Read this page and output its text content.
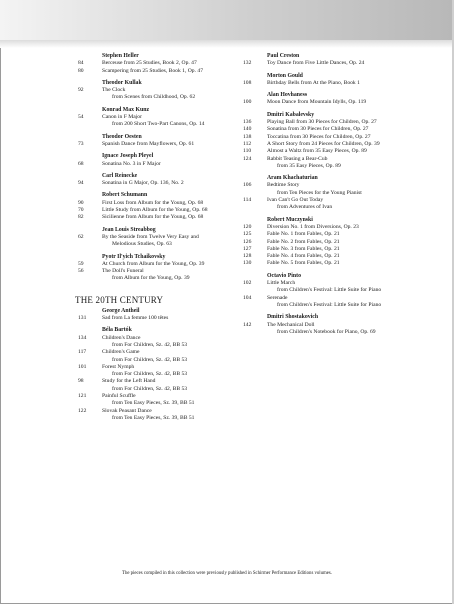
Stephen Heller
84	Berceuse from 25 Studies, Book 2, Op. 47
80	Scampering from 25 Studies, Book 1, Op. 47
Theodor Kullak
92	The Clock
from Scenes from Childhood, Op. 62
Konrad Max Kunz
54	Canon in F Major
from 200 Short Two-Part Canons, Op. 14
Theodor Oesten
73	Spanish Dance from Mayflowers, Op. 61
Ignace Joseph Pleyel
68	Sonatina No. 3 in F Major
Carl Reinecke
94	Sonatina in G Major, Op. 136, No. 2
Robert Schumann
90	First Loss from Album for the Young, Op. 68
70	Little Study from Album for the Young, Op. 68
82	Sicilienne from Album for the Young, Op. 68
Jean Louis Streabbog
62	By the Seaside from Twelve Very Easy and
Melodious Studies, Op. 63
Pyotr Il'yich Tchaikovsky
59	At Church from Album for the Young, Op. 39
56	The Doll's Funeral
from Album for the Young, Op. 39
THE 20TH CENTURY
George Antheil
131	Sad from La femme 100 têtes
Béla Bartók
134	Children's Dance
from For Children, Sz. 42, BB 53
117	Children's Game
from For Children, Sz. 42, BB 53
101	Forest Nymph
from For Children, Sz. 42, BB 53
98	Study for the Left Hand
from For Children, Sz. 42, BB 53
121	Painful Scuffle
from Ten Easy Pieces, Sz. 39, BB 51
122	Slovak Peasant Dance
from Ten Easy Pieces, Sz. 39, BB 51
Paul Creston
132	Toy Dance from Five Little Dances, Op. 24
Morton Gould
108	Birthday Bells from At the Piano, Book 1
Alan Hovhaness
100	Moon Dance from Mountain Idylls, Op. 119
Dmitri Kabalevsky
136	Playing Ball from 30 Pieces for Children, Op. 27
140	Sonatina from 30 Pieces for Children, Op. 27
138	Toccatina from 30 Pieces for Children, Op. 27
112	A Short Story from 24 Pieces for Children, Op. 39
110	Almost a Waltz from 35 Easy Pieces, Op. 89
124	Rabbit Teasing a Bear-Cub
from 35 Easy Pieces, Op. 89
Aram Khachaturian
106	Bedtime Story
from Ten Pieces for the Young Pianist
114	Ivan Can't Go Out Today
from Adventures of Ivan
Robert Muczynski
120	Diversion No. 1 from Diversions, Op. 23
125	Fable No. 1 from Fables, Op. 21
126	Fable No. 2 from Fables, Op. 21
127	Fable No. 3 from Fables, Op. 21
128	Fable No. 4 from Fables, Op. 21
130	Fable No. 5 from Fables, Op. 21
Octavio Pinto
102	Little March
from Children's Festival: Little Suite for Piano
104	Serenade
from Children's Festival: Little Suite for Piano
Dmitri Shostakovich
142	The Mechanical Doll
from Children's Notebook for Piano, Op. 69
The pieces compiled in this collection were previously published in Schirmer Performance Editions volumes.
